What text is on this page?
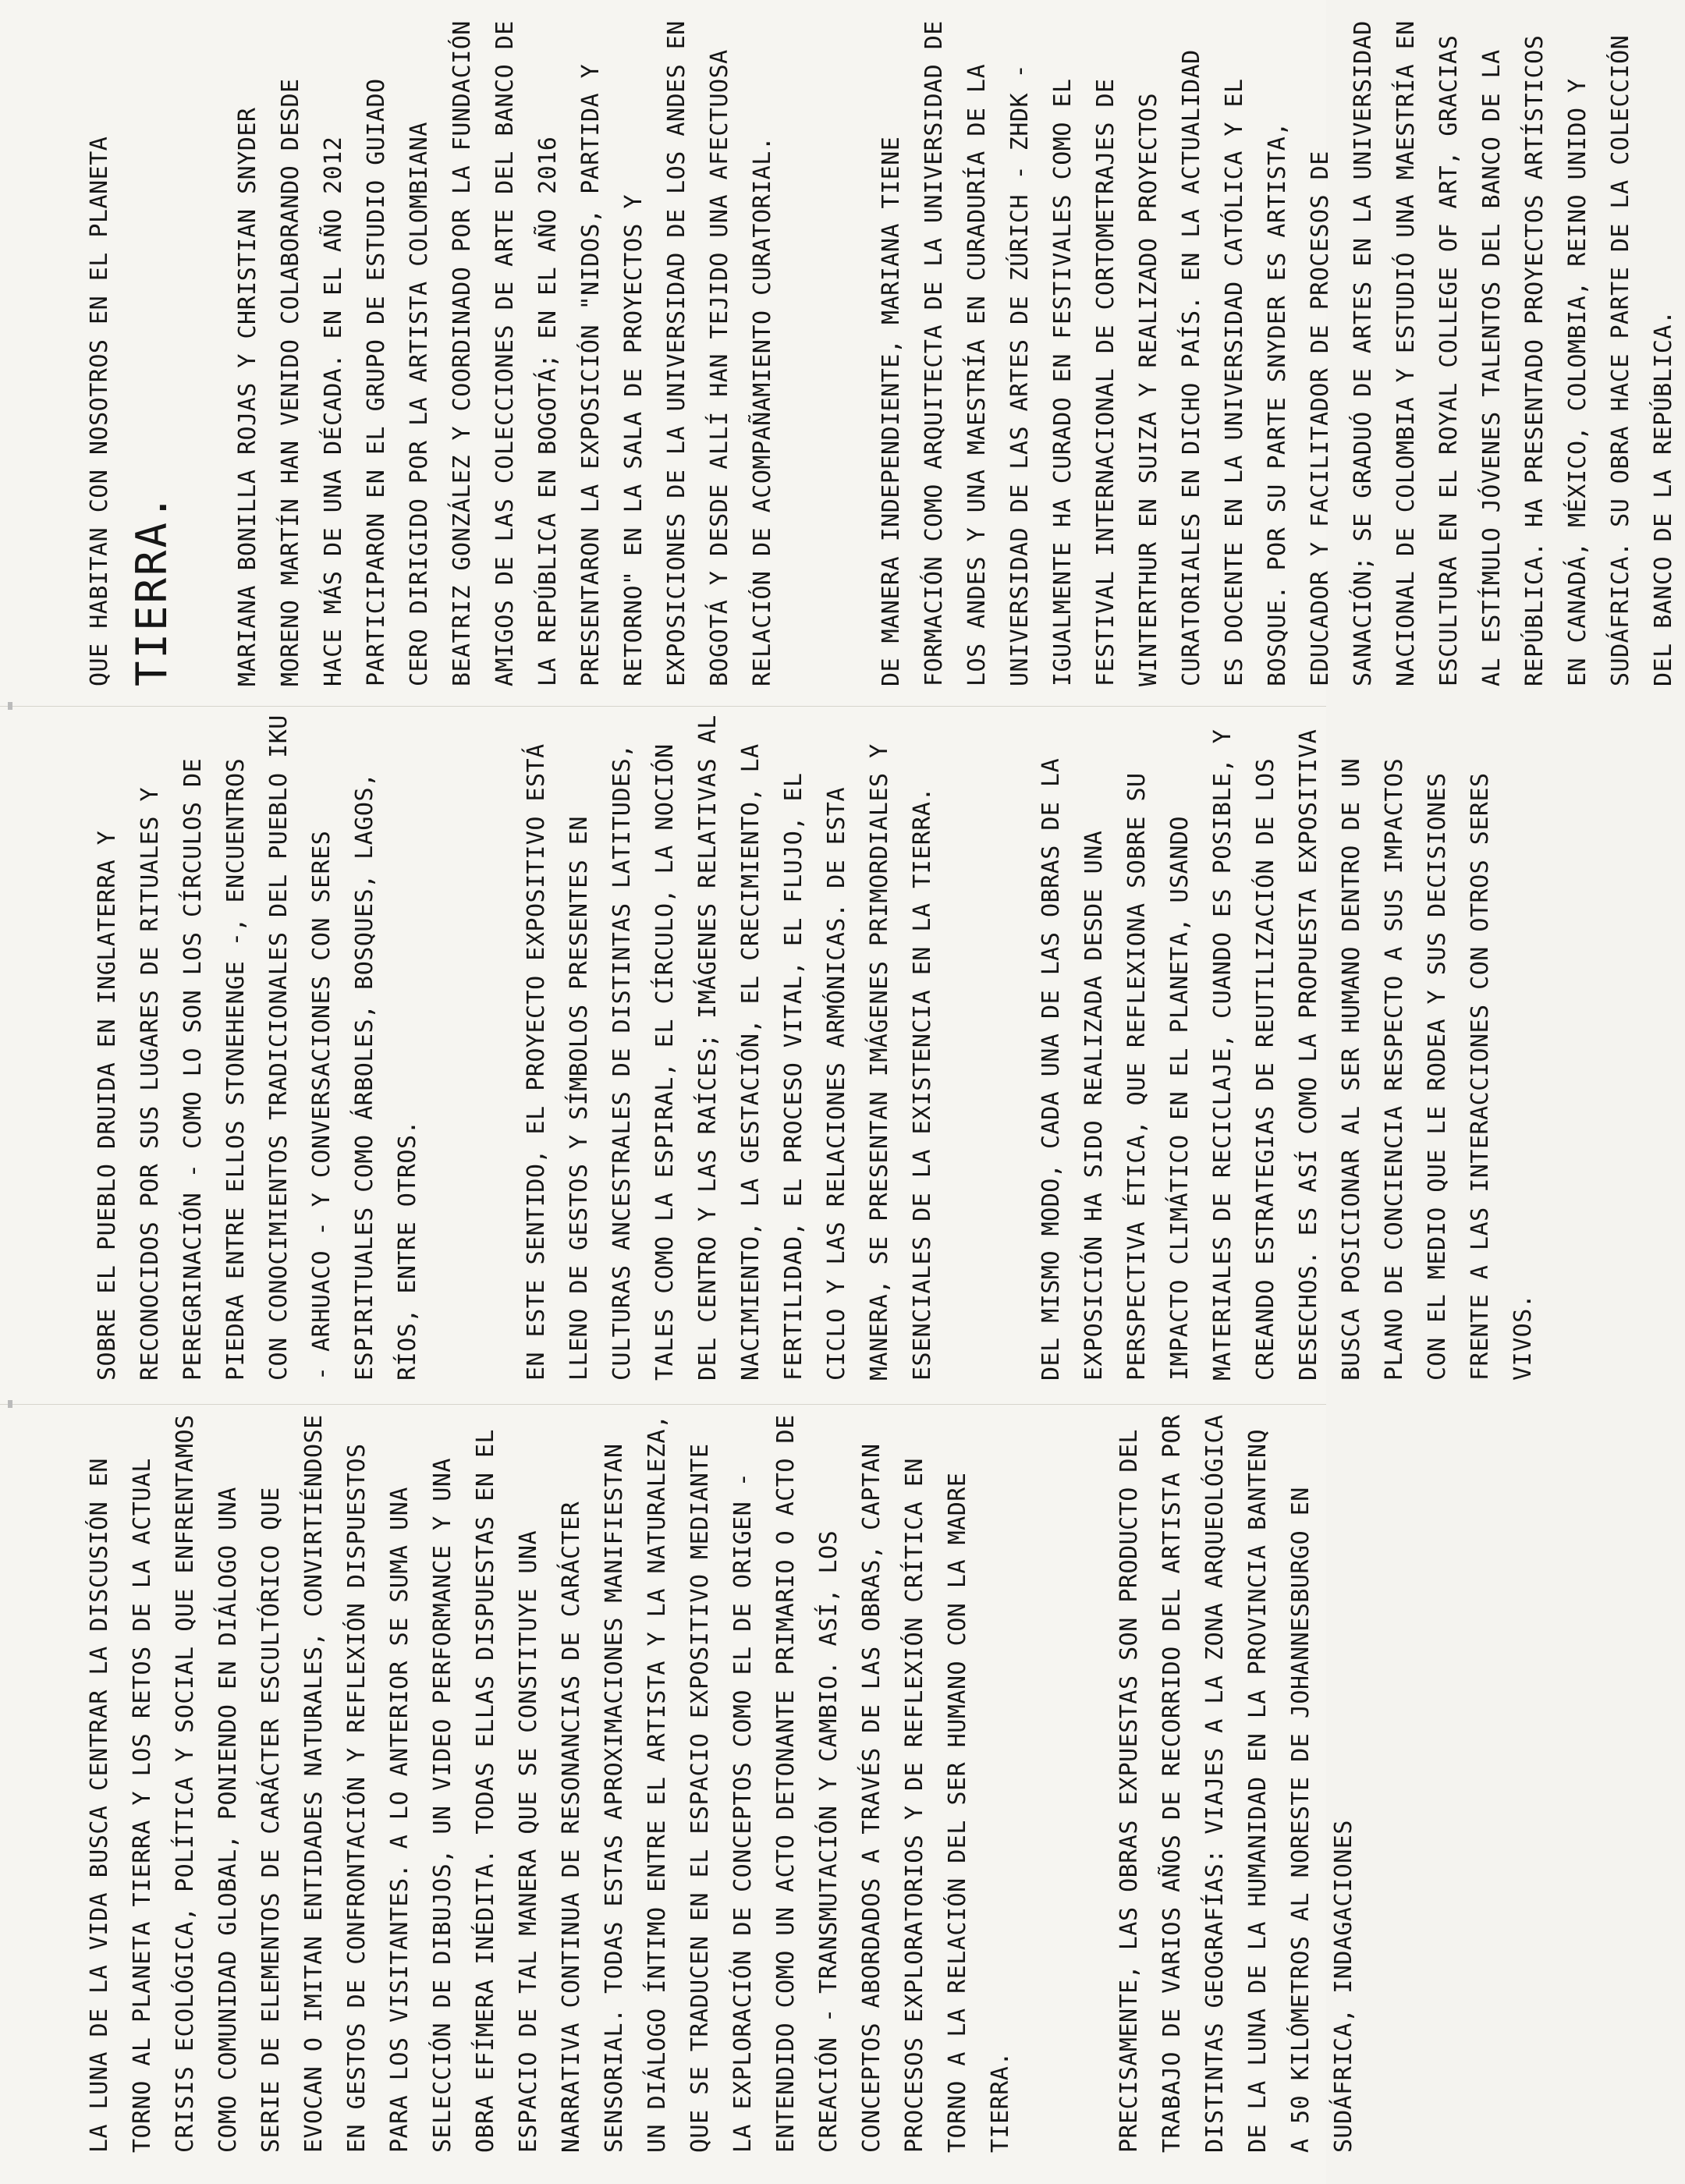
QUE HABITAN CON NOSOTROS EN EL PLANETA TIERRA.	MARIANA BONILLA ROJAS Y CHRISTIAN SNYDER MORENO MARTÍN HAN VENIDO COLABORANDO DESDE HACE MÁS DE UNA DÉCADA. EN EL AÑO 2012 PARTICIPARON EN EL GRUPO DE ESTUDIO GUIADO CERO DIRIGIDO POR LA ARTISTA COLOMBIANA BEATRIZ GONZÁLEZ Y COORDINADO POR LA FUNDACIÓN AMIGOS DE LAS COLECCIONES DE ARTE DEL BANCO DE LA REPÚBLICA EN BOGOTÁ; EN EL AÑO 2016 PRESENTARON LA EXPOSICIÓN "NIDOS, PARTIDA Y RETORNO" EN LA SALA DE PROYECTOS Y EXPOSICIONES DE LA UNIVERSIDAD DE LOS ANDES EN BOGOTÁ Y DESDE ALLÍ HAN TEJIDO UNA AFECTUOSA RELACIÓN DE ACOMPAÑAMIENTO CURATORIAL.	DE MANERA INDEPENDIENTE, MARIANA TIENE FORMACIÓN COMO ARQUITECTA DE LA UNIVERSIDAD DE LOS ANDES Y UNA MAESTRÍA EN CURADURÍA DE LA UNIVERSIDAD DE LAS ARTES DE ZÚRICH - ZHDK - IGUALMENTE HA CURADO EN FESTIVALES COMO EL FESTIVAL INTERNACIONAL DE CORTOMETRAJES DE WINTERTHUR EN SUIZA Y REALIZADO PROYECTOS CURATORIALES EN DICHO PAÍS. EN LA ACTUALIDAD ES DOCENTE EN LA UNIVERSIDAD CATÓLICA Y EL BOSQUE. POR SU PARTE SNYDER ES ARTISTA, EDUCADOR Y FACILITADOR DE PROCESOS DE SANACIÓN; SE GRADUÓ DE ARTES EN LA UNIVERSIDAD NACIONAL DE COLOMBIA Y ESTUDIÓ UNA MAESTRÍA EN ESCULTURA EN EL ROYAL COLLEGE OF ART, GRACIAS AL ESTÍMULO JÓVENES TALENTOS DEL BANCO DE LA REPÚBLICA. HA PRESENTADO PROYECTOS ARTÍSTICOS EN CANADÁ, MÉXICO, COLOMBIA, REINO UNIDO Y SUDÁFRICA. SU OBRA HACE PARTE DE LA COLECCIÓN DEL BANCO DE LA REPÚBLICA.

SOBRE EL PUEBLO DRUIDA EN INGLATERRA Y RECONOCIDOS POR SUS LUGARES DE RITUALES Y PEREGRINACIÓN - COMO LO SON LOS CÍRCULOS DE PIEDRA ENTRE ELLOS STONEHENGE -, ENCUENTROS CON CONOCIMIENTOS TRADICIONALES DEL PUEBLO IKU - ARHUACO - Y CONVERSACIONES CON SERES ESPIRITUALES COMO ÁRBOLES, BOSQUES, LAGOS, RÍOS, ENTRE OTROS.	EN ESTE SENTIDO, EL PROYECTO EXPOSITIVO ESTÁ LLENO DE GESTOS Y SÍMBOLOS PRESENTES EN CULTURAS ANCESTRALES DE DISTINTAS LATITUDES, TALES COMO LA ESPIRAL, EL CÍRCULO, LA NOCIÓN DEL CENTRO Y LAS RAÍCES; IMÁGENES RELATIVAS AL NACIMIENTO, LA GESTACIÓN, EL CRECIMIENTO, LA FERTILIDAD, EL PROCESO VITAL, EL FLUJO, EL CICLO Y LAS RELACIONES ARMÓNICAS. DE ESTA MANERA, SE PRESENTAN IMÁGENES PRIMORDIALES Y ESENCIALES DE LA EXISTENCIA EN LA TIERRA.	DEL MISMO MODO, CADA UNA DE LAS OBRAS DE LA EXPOSICIÓN HA SIDO REALIZADA DESDE UNA PERSPECTIVA ÉTICA, QUE REFLEXIONA SOBRE SU IMPACTO CLIMÁTICO EN EL PLANETA, USANDO MATERIALES DE RECICLAJE, CUANDO ES POSIBLE, Y CREANDO ESTRATEGIAS DE REUTILIZACIÓN DE LOS DESECHOS. ES ASÍ COMO LA PROPUESTA EXPOSITIVA BUSCA POSICIONAR AL SER HUMANO DENTRO DE UN PLANO DE CONCIENCIA RESPECTO A SUS IMPACTOS CON EL MEDIO QUE LE RODEA Y SUS DECISIONES FRENTE A LAS INTERACCIONES CON OTROS SERES VIVOS.

LA LUNA DE LA VIDA BUSCA CENTRAR LA DISCUSIÓN EN TORNO AL PLANETA TIERRA Y LOS RETOS DE LA ACTUAL CRISIS ECOLÓGICA, POLÍTICA Y SOCIAL QUE ENFRENTAMOS COMO COMUNIDAD GLOBAL, PONIENDO EN DIÁLOGO UNA SERIE DE ELEMENTOS DE CARÁCTER ESCULTÓRICO QUE EVOCAN O IMITAN ENTIDADES NATURALES, CONVIRTIÉNDOSE EN GESTOS DE CONFRONTACIÓN Y REFLEXIÓN DISPUESTOS PARA LOS VISITANTES. A LO ANTERIOR SE SUMA UNA SELECCIÓN DE DIBUJOS, UN VIDEO PERFORMANCE Y UNA OBRA EFÍMERA INÉDITA. TODAS ELLAS DISPUESTAS EN EL ESPACIO DE TAL MANERA QUE SE CONSTITUYE UNA NARRATIVA CONTINUA DE RESONANCIAS DE CARÁCTER SENSORIAL. TODAS ESTAS APROXIMACIONES MANIFIESTAN UN DIÁLOGO ÍNTIMO ENTRE EL ARTISTA Y LA NATURALEZA, QUE SE TRADUCEN EN EL ESPACIO EXPOSITIVO MEDIANTE LA EXPLORACIÓN DE CONCEPTOS COMO EL DE ORIGEN - ENTENDIDO COMO UN ACTO DETONANTE PRIMARIO O ACTO DE CREACIÓN - TRANSMUTACIÓN Y CAMBIO. ASÍ, LOS CONCEPTOS ABORDADOS A TRAVÉS DE LAS OBRAS, CAPTAN PROCESOS EXPLORATORIOS Y DE REFLEXIÓN CRÍTICA EN TORNO A LA RELACIÓN DEL SER HUMANO CON LA MADRE TIERRA.	PRECISAMENTE, LAS OBRAS EXPUESTAS SON PRODUCTO DEL TRABAJO DE VARIOS AÑOS DE RECORRIDO DEL ARTISTA POR DISTINTAS GEOGRAFÍAS: VIAJES A LA ZONA ARQUEOLÓGICA DE LA LUNA DE LA HUMANIDAD EN LA PROVINCIA BANTENQ A 50 KILÓMETROS AL NORESTE DE JOHANNESBURGO EN SUDÁFRICA, INDAGACIONES
